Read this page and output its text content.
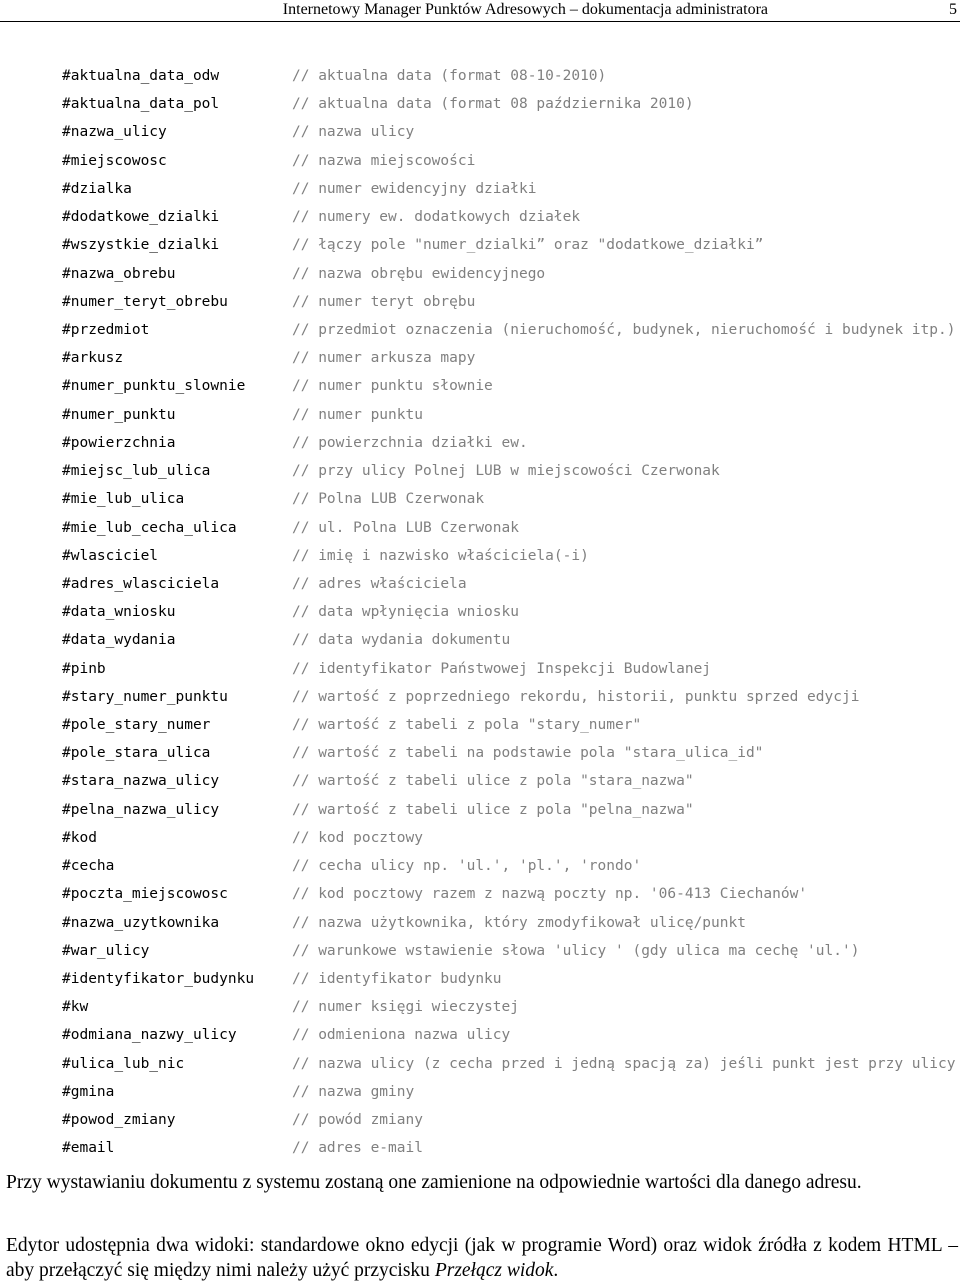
Internetowy Manager Punktów Adresowych – dokumentacja administratora	5
#aktualna_data_odw	// aktualna data (format 08-10-2010)
#aktualna_data_pol	// aktualna data (format 08 października 2010)
#nazwa_ulicy	// nazwa ulicy
#miejscowosc	// nazwa miejscowości
#dzialka	// numer ewidencyjny działki
#dodatkowe_dzialki	// numery ew. dodatkowych działek
#wszystkie_dzialki	// łączy pole "numer_dzialki” oraz "dodatkowe_działki”
#nazwa_obrebu	// nazwa obrębu ewidencyjnego
#numer_teryt_obrebu	// numer teryt obrębu
#przedmiot	// przedmiot oznaczenia (nieruchomość, budynek, nieruchomość i budynek itp.)
#arkusz	// numer arkusza mapy
#numer_punktu_slownie	// numer punktu słownie
#numer_punktu	// numer punktu
#powierzchnia	// powierzchnia działki ew.
#miejsc_lub_ulica	// przy ulicy Polnej LUB w miejscowości Czerwonak
#mie_lub_ulica	// Polna LUB Czerwonak
#mie_lub_cecha_ulica	// ul. Polna LUB Czerwonak
#wlasciciel	// imię i nazwisko właściciela(-i)
#adres_wlasciciela	// adres właściciela
#data_wniosku	// data wpłynięcia wniosku
#data_wydania	// data wydania dokumentu
#pinb	// identyfikator Państwowej Inspekcji Budowlanej
#stary_numer_punktu	// wartość z poprzedniego rekordu, historii, punktu sprzed edycji
#pole_stary_numer	// wartość z tabeli z pola "stary_numer"
#pole_stara_ulica	// wartość z tabeli na podstawie pola "stara_ulica_id"
#stara_nazwa_ulicy	// wartość z tabeli ulice z pola "stara_nazwa"
#pelna_nazwa_ulicy	// wartość z tabeli ulice z pola "pelna_nazwa"
#kod	// kod pocztowy
#cecha	// cecha ulicy np. 'ul.', 'pl.', 'rondo'
#poczta_miejscowosc	// kod pocztowy razem z nazwą poczty np. '06-413 Ciechanów'
#nazwa_uzytkownika	// nazwa użytkownika, który zmodyfikował ulicę/punkt
#war_ulicy	// warunkowe wstawienie słowa 'ulicy ' (gdy ulica ma cechę 'ul.')
#identyfikator_budynku	// identyfikator budynku
#kw	// numer księgi wieczystej
#odmiana_nazwy_ulicy	// odmieniona nazwa ulicy
#ulica_lub_nic	// nazwa ulicy (z cecha przed i jedną spacją za) jeśli punkt jest przy ulicy
#gmina	// nazwa gminy
#powod_zmiany	// powód zmiany
#email	// adres e-mail

Przy wystawianiu dokumentu z systemu zostaną one zamienione na odpowiednie wartości dla danego adresu.

Edytor udostępnia dwa widoki: standardowe okno edycji (jak w programie Word) oraz widok źródła z kodem HTML – aby przełączyć się między nimi należy użyć przycisku Przełącz widok.
